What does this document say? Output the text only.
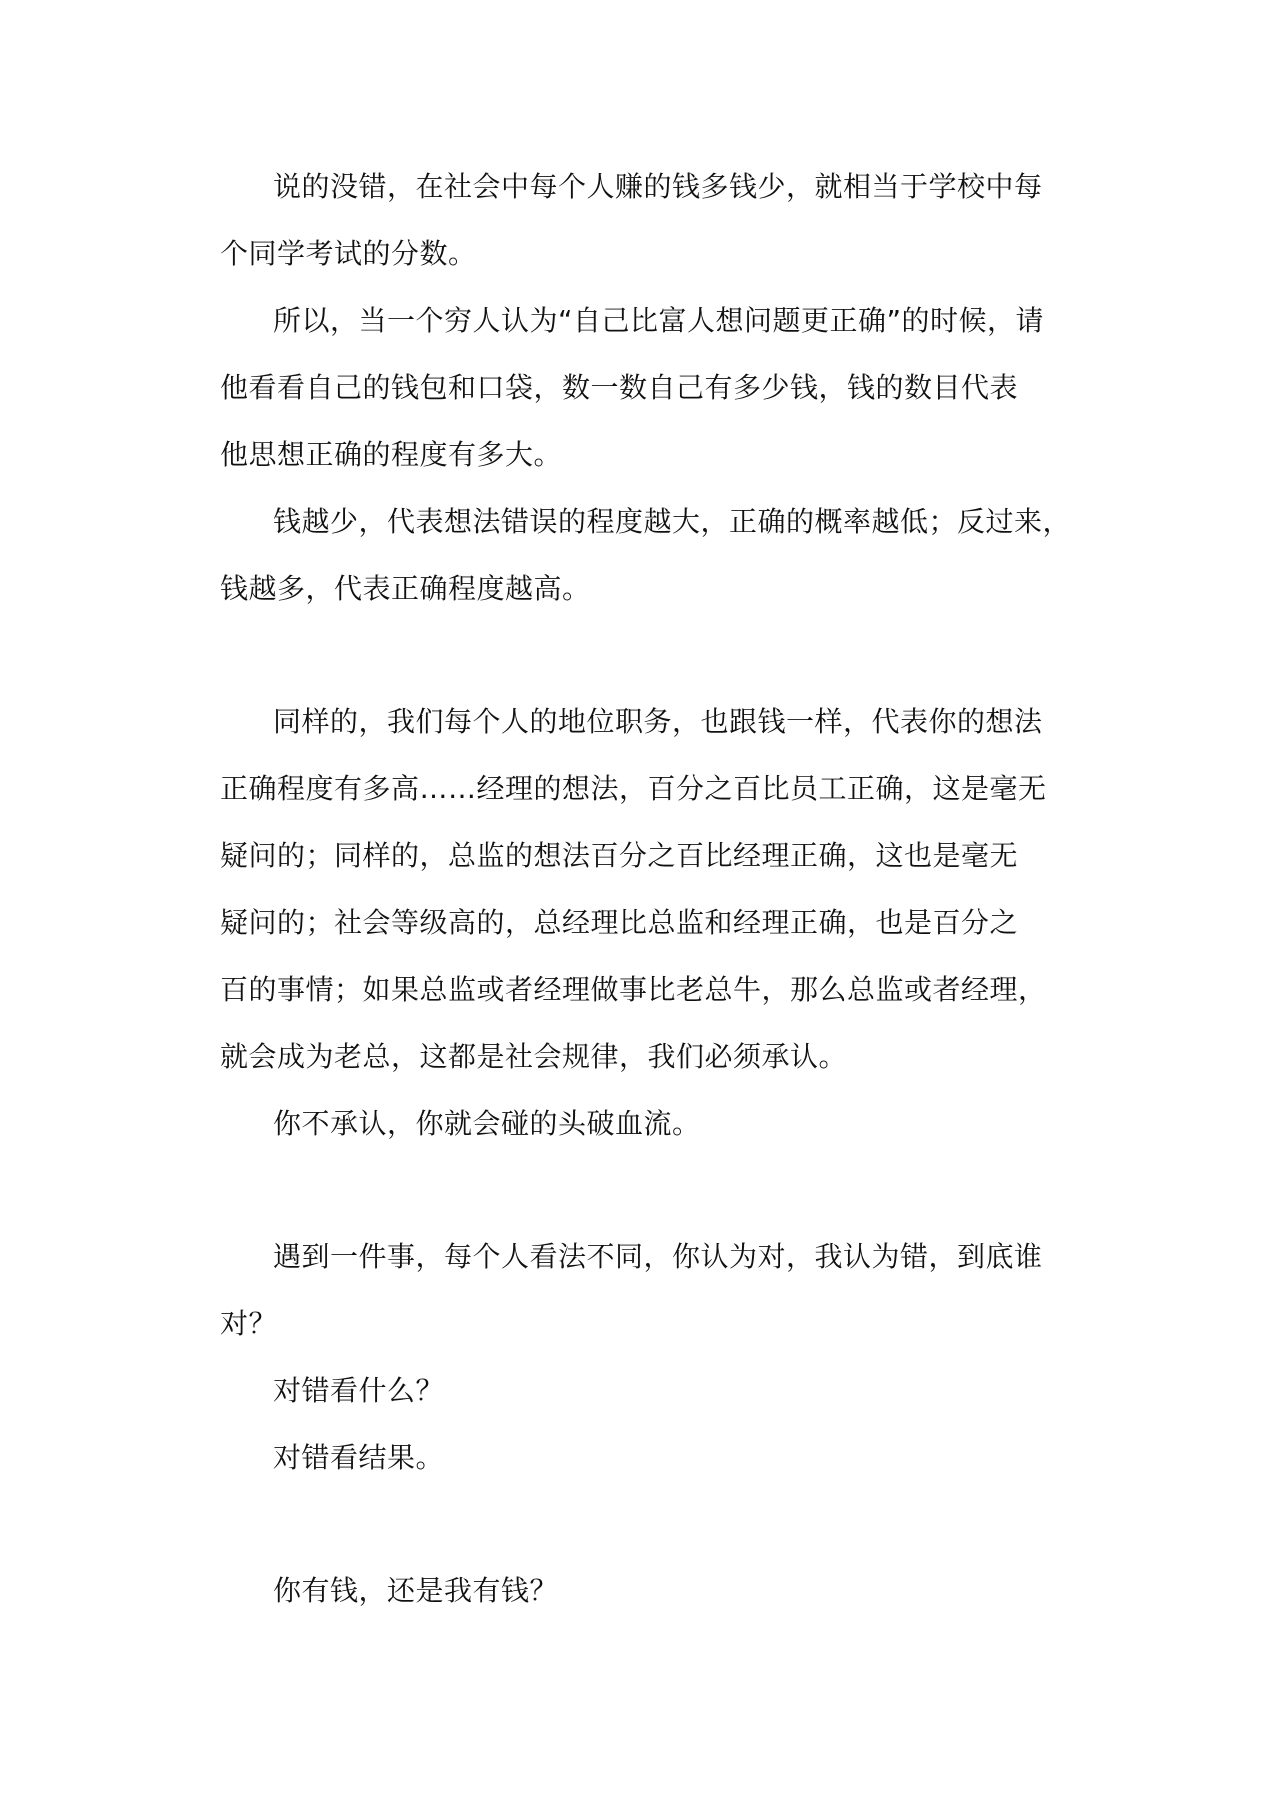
说的没错，在社会中每个人赚的钱多钱少，就相当于学校中每
个同学考试的分数。
所以，当一个穷人认为“自己比富人想问题更正确”的时候，请
他看看自己的钱包和口袋，数一数自己有多少钱，钱的数目代表
他思想正确的程度有多大。
钱越少，代表想法错误的程度越大，正确的概率越低；反过来，
钱越多，代表正确程度越高。
同样的，我们每个人的地位职务，也跟钱一样，代表你的想法
正确程度有多高……经理的想法，百分之百比员工正确，这是毫无
疑问的；同样的，总监的想法百分之百比经理正确，这也是毫无
疑问的；社会等级高的，总经理比总监和经理正确，也是百分之
百的事情；如果总监或者经理做事比老总牛，那么总监或者经理，
就会成为老总，这都是社会规律，我们必须承认。
你不承认，你就会碰的头破血流。
遇到一件事，每个人看法不同，你认为对，我认为错，到底谁
对？
对错看什么？
对错看结果。
你有钱，还是我有钱？
